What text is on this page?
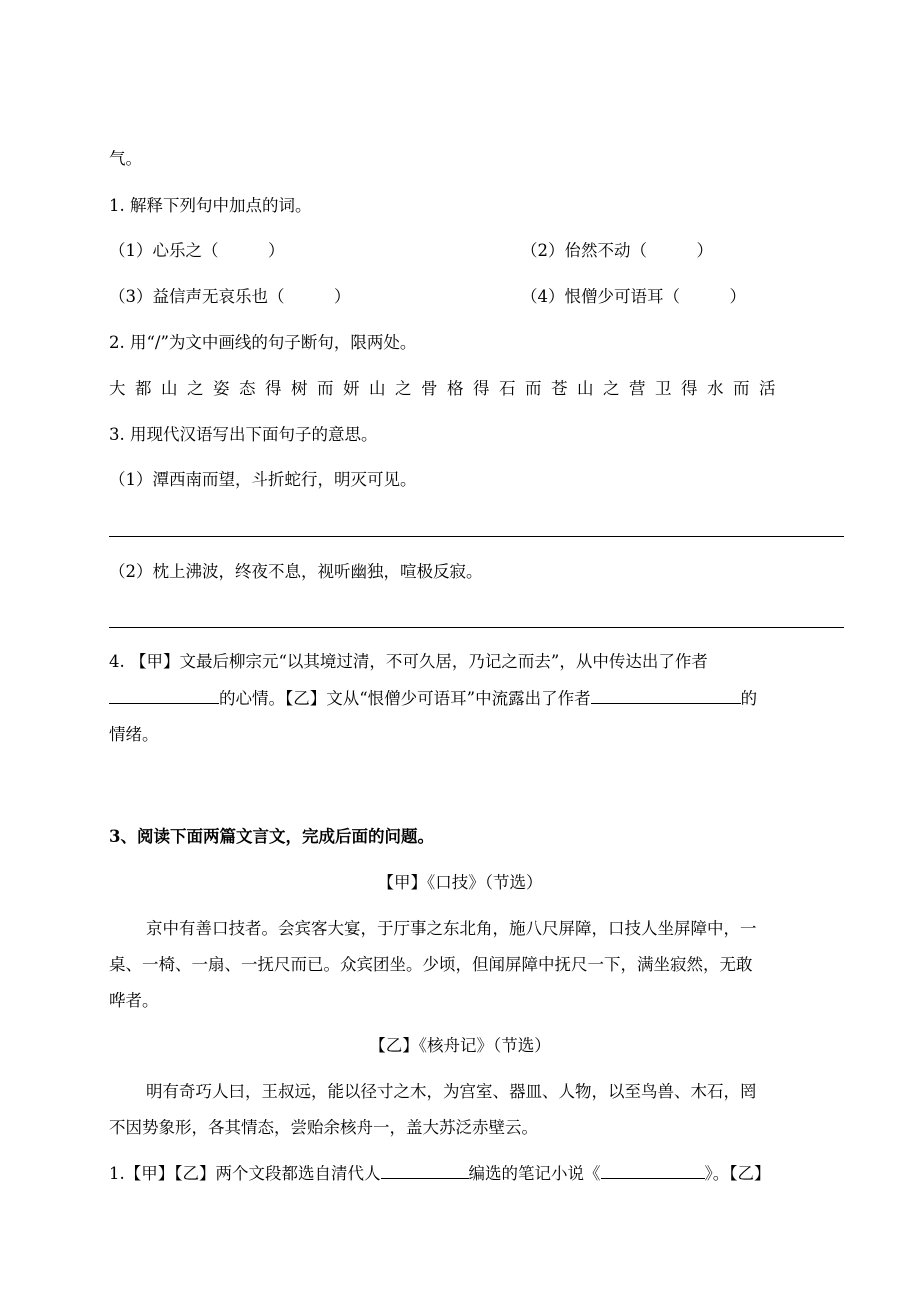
气。
1. 解释下列句中加点的词。
（1）心乐之（　　　）	（2）佁然不动（　　　）
（3）益信声无哀乐也（　　　）	（4）恨僧少可语耳（　　　）
2. 用“/”为文中画线的句子断句，限两处。
大都山之姿态得树而妍山之骨格得石而苍山之营卫得水而活
3. 用现代汉语写出下面句子的意思。
（1）潭西南而望，斗折蛇行，明灭可见。
（2）枕上沸波，终夜不息，视听幽独，喧极反寂。
4. 【甲】文最后柳宗元“以其境过清，不可久居，乃记之而去”，从中传达出了作者
的心情。【乙】文从“恨僧少可语耳”中流露出了作者	的
情绪。
3、阅读下面两篇文言文，完成后面的问题。
【甲】《口技》（节选）
京中有善口技者。会宾客大宴，于厅事之东北角，施八尺屏障，口技人坐屏障中，一
桌、一椅、一扇、一抚尺而已。众宾团坐。少顷，但闻屏障中抚尺一下，满坐寂然，无敢
哗者。
【乙】《核舟记》（节选）
明有奇巧人曰，王叔远，能以径寸之木，为宫室、器皿、人物，以至鸟兽、木石，罔
不因势象形，各其情态，尝贻余核舟一，盖大苏泛赤壁云。
1.【甲】【乙】两个文段都选自清代人	编选的笔记小说《	》。【乙】
